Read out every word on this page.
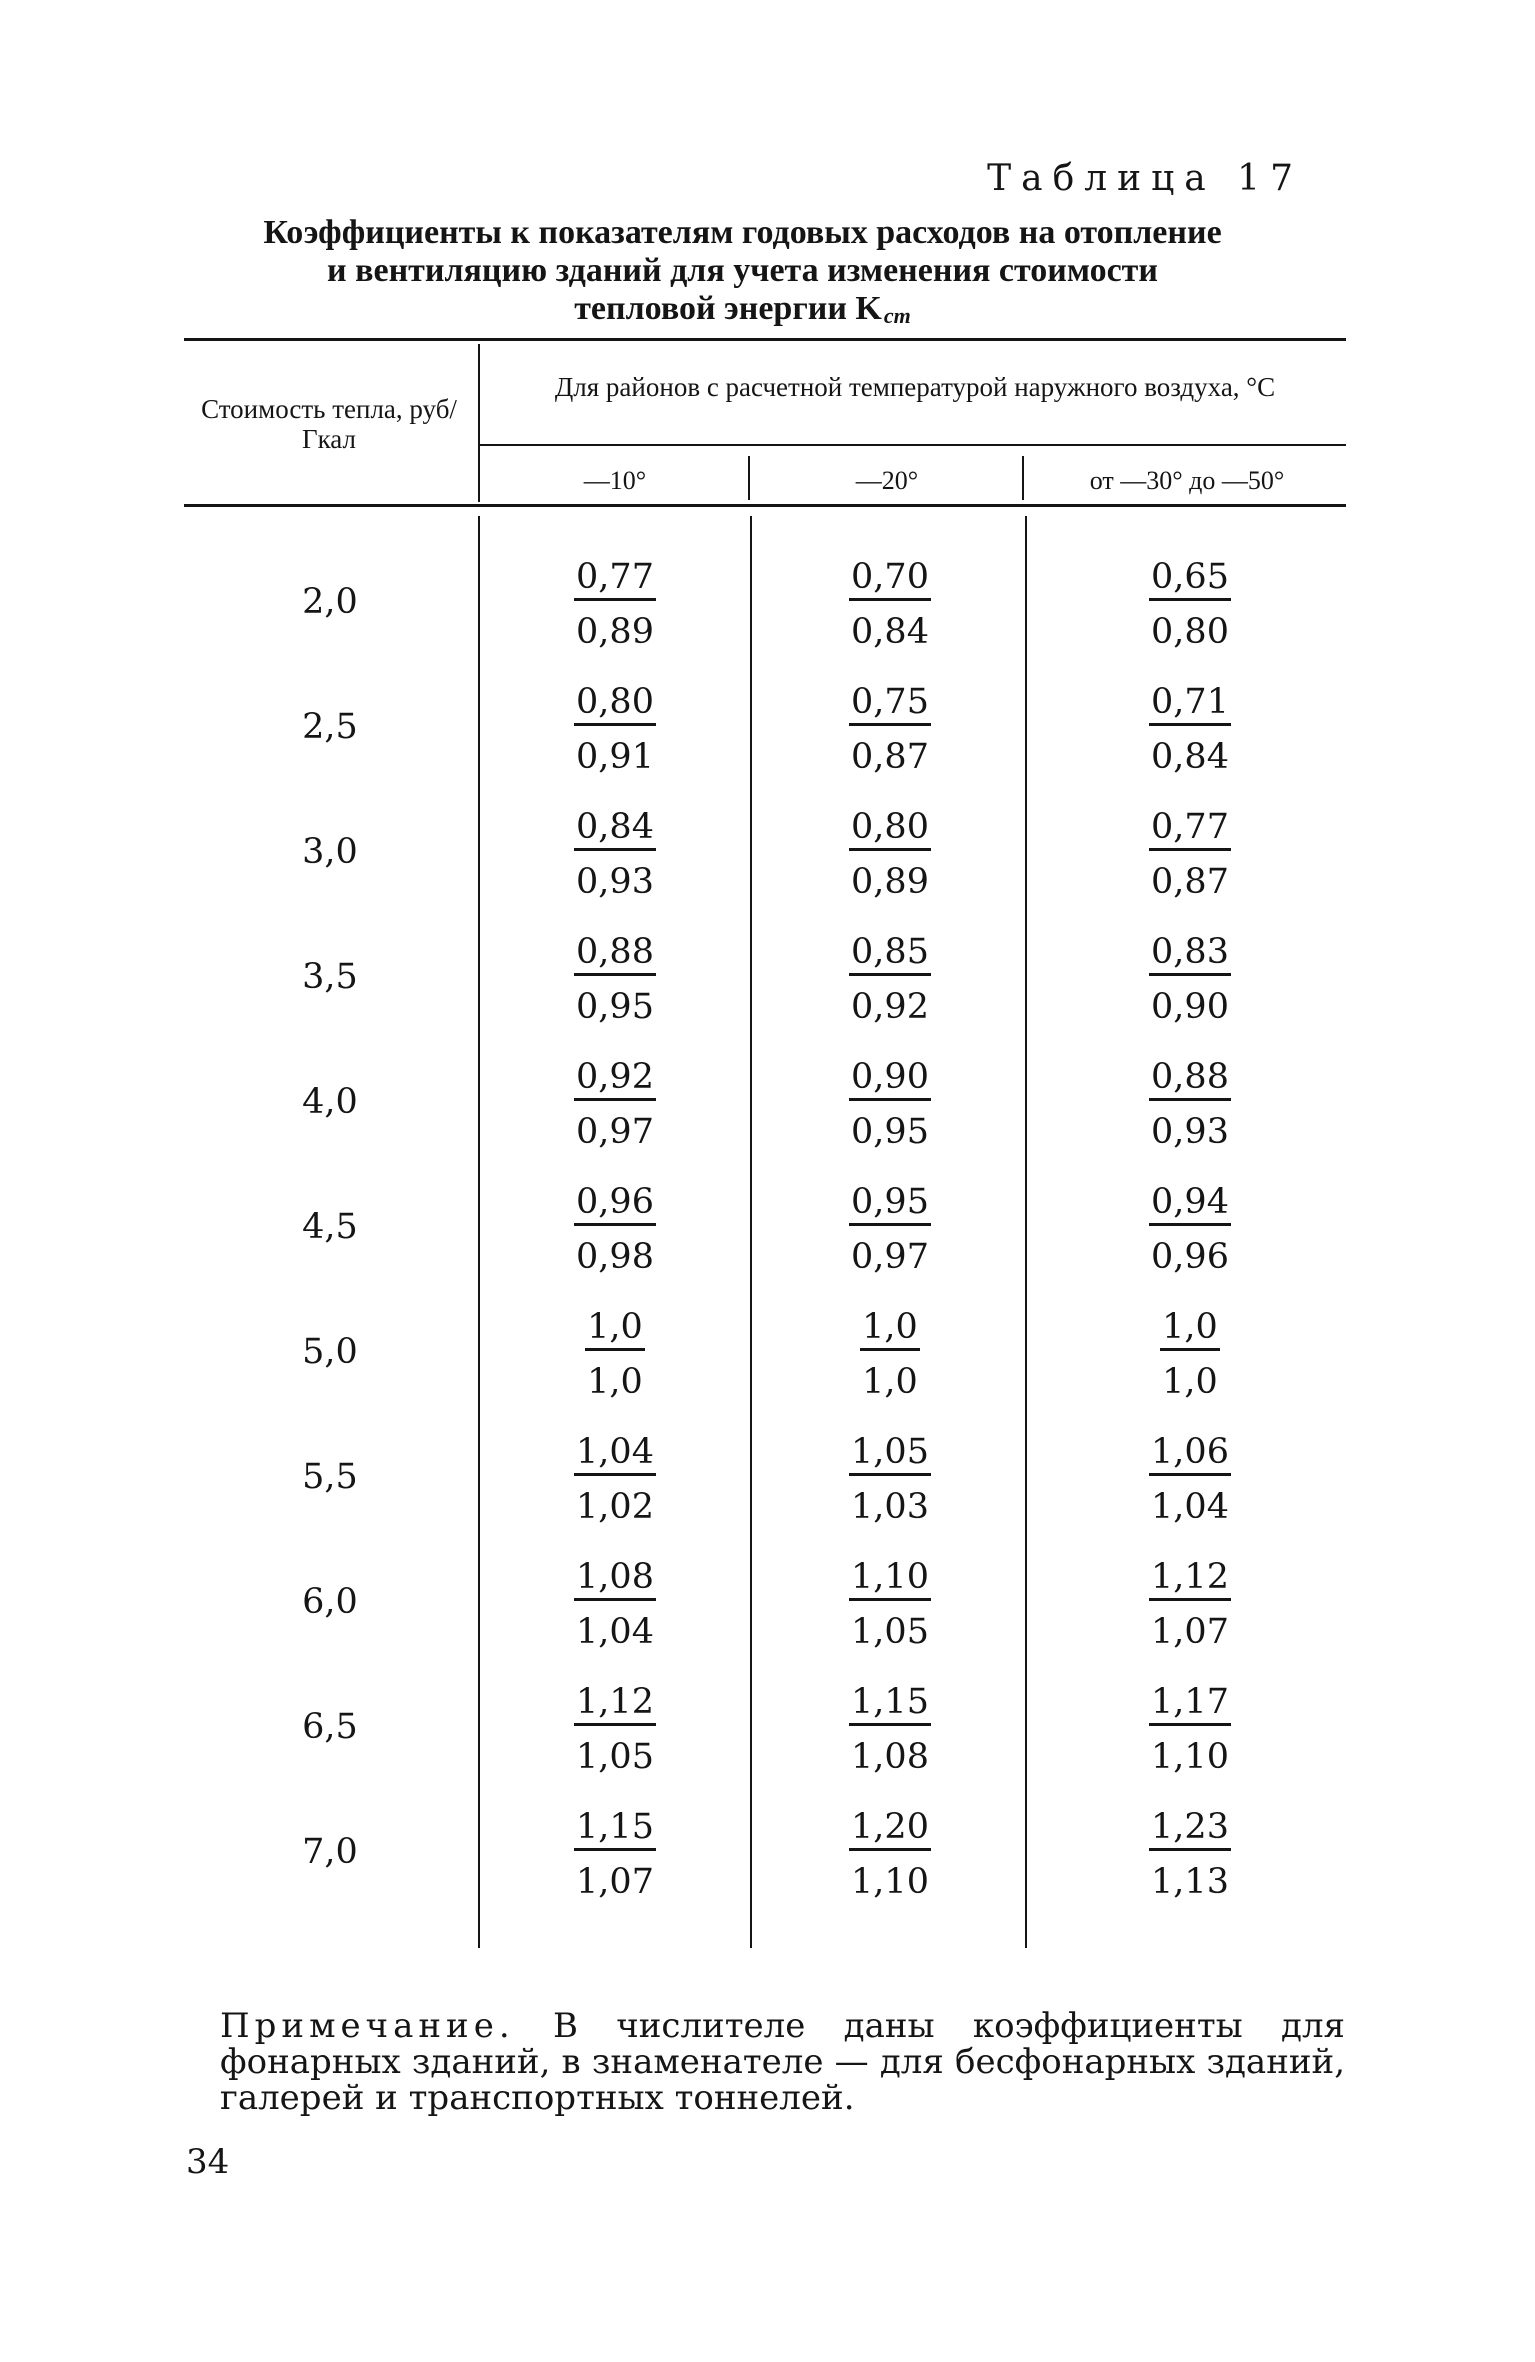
Таблица 17
Коэффициенты к показателям годовых расходов на отопление
и вентиляцию зданий для учета изменения стоимости
тепловой энергии Kст
Стоимость тепла, руб/Гкал
Для районов с расчетной температурой наружного воздуха, °С
—10°	—20°	от —30° до —50°
2,0	$\frac{0,77}{0,89}$	$\frac{0,70}{0,84}$	$\frac{0,65}{0,80}$
2,5	$\frac{0,80}{0,91}$	$\frac{0,75}{0,87}$	$\frac{0,71}{0,84}$
3,0	$\frac{0,84}{0,93}$	$\frac{0,80}{0,89}$	$\frac{0,77}{0,87}$
3,5	$\frac{0,88}{0,95}$	$\frac{0,85}{0,92}$	$\frac{0,83}{0,90}$
4,0	$\frac{0,92}{0,97}$	$\frac{0,90}{0,95}$	$\frac{0,88}{0,93}$
4,5	$\frac{0,96}{0,98}$	$\frac{0,95}{0,97}$	$\frac{0,94}{0,96}$
5,0	$\frac{1,0}{1,0}$	$\frac{1,0}{1,0}$	$\frac{1,0}{1,0}$
5,5	$\frac{1,04}{1,02}$	$\frac{1,05}{1,03}$	$\frac{1,06}{1,04}$
6,0	$\frac{1,08}{1,04}$	$\frac{1,10}{1,05}$	$\frac{1,12}{1,07}$
6,5	$\frac{1,12}{1,05}$	$\frac{1,15}{1,08}$	$\frac{1,17}{1,10}$
7,0	$\frac{1,15}{1,07}$	$\frac{1,20}{1,10}$	$\frac{1,23}{1,13}$
Примечание. В числителе даны коэффициенты для фонарных зданий, в знаменателе — для бесфонарных зданий, галерей и транспортных тоннелей.
34
